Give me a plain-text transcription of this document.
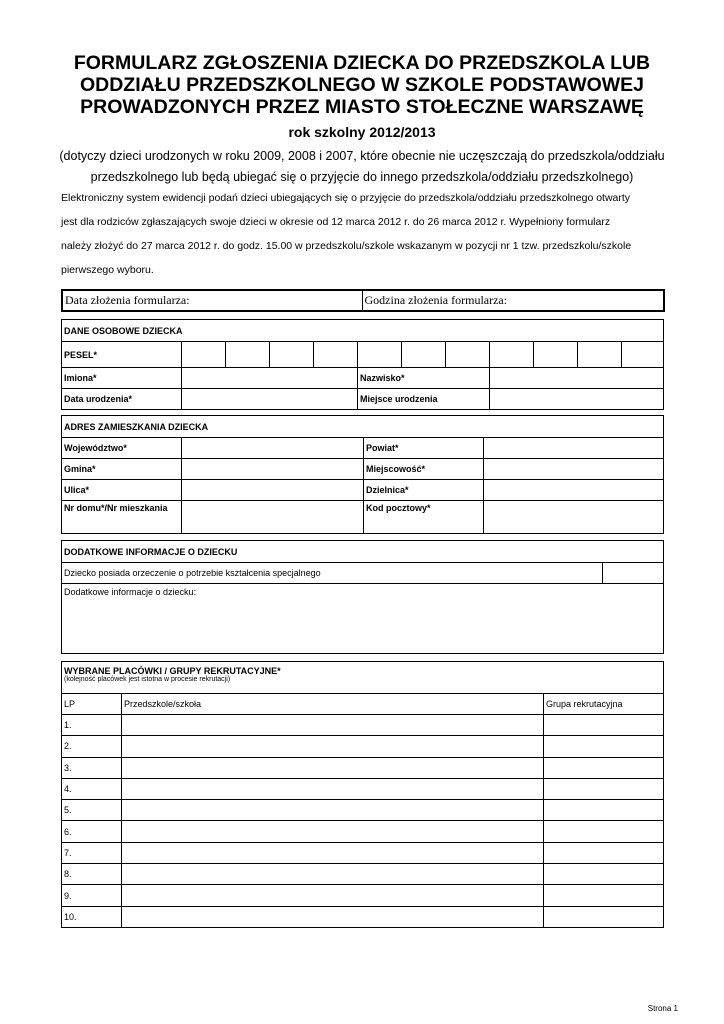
FORMULARZ ZGŁOSZENIA DZIECKA DO PRZEDSZKOLA LUB
ODDZIAŁU PRZEDSZKOLNEGO W SZKOLE PODSTAWOWEJ
PROWADZONYCH PRZEZ MIASTO STOŁECZNE WARSZAWĘ
rok szkolny 2012/2013
(dotyczy dzieci urodzonych w roku 2009, 2008 i 2007, które obecnie nie uczęszczają do przedszkola/oddziału
przedszkolnego lub będą ubiegać się o przyjęcie do innego przedszkola/oddziału przedszkolnego)
Elektroniczny system ewidencji podań dzieci ubiegających się o przyjęcie do przedszkola/oddziału przedszkolnego otwarty
jest dla rodziców zgłaszających swoje dzieci w okresie od 12 marca 2012 r. do 26 marca 2012 r. Wypełniony formularz
należy złożyć do 27 marca 2012 r. do godz. 15.00 w przedszkolu/szkole wskazanym w pozycji nr 1 tzw. przedszkolu/szkole
pierwszego wyboru.
Data złożenia formularza:	Godzina złożenia formularza:
DANE OSOBOWE DZIECKA											
PESEL*											
Imiona*					Nazwisko*						
Data urodzenia*					Miejsce urodzenia						
ADRES ZAMIESZKANIA DZIECKA			
Województwo*		Powiat*	
Gmina*		Miejscowość*	
Ulica*		Dzielnica*	
Nr domu*/Nr mieszkania		Kod pocztowy*	
DODATKOWE INFORMACJE O DZIECKU
Dziecko posiada orzeczenie o potrzebie kształcenia specjalnego	
Dodatkowe informacje o dziecku:
WYBRANE PLACÓWKI / GRUPY REKRUTACYJNE*
(kolejność placówek jest istotna w procesie rekrutacji)		

LP	Przedszkole/szkoła	Grupa rekrutacyjna
1.		
2.		
3.		
4.		
5.		
6.		
7.		
8.		
9.		
10.		
Strona 1
